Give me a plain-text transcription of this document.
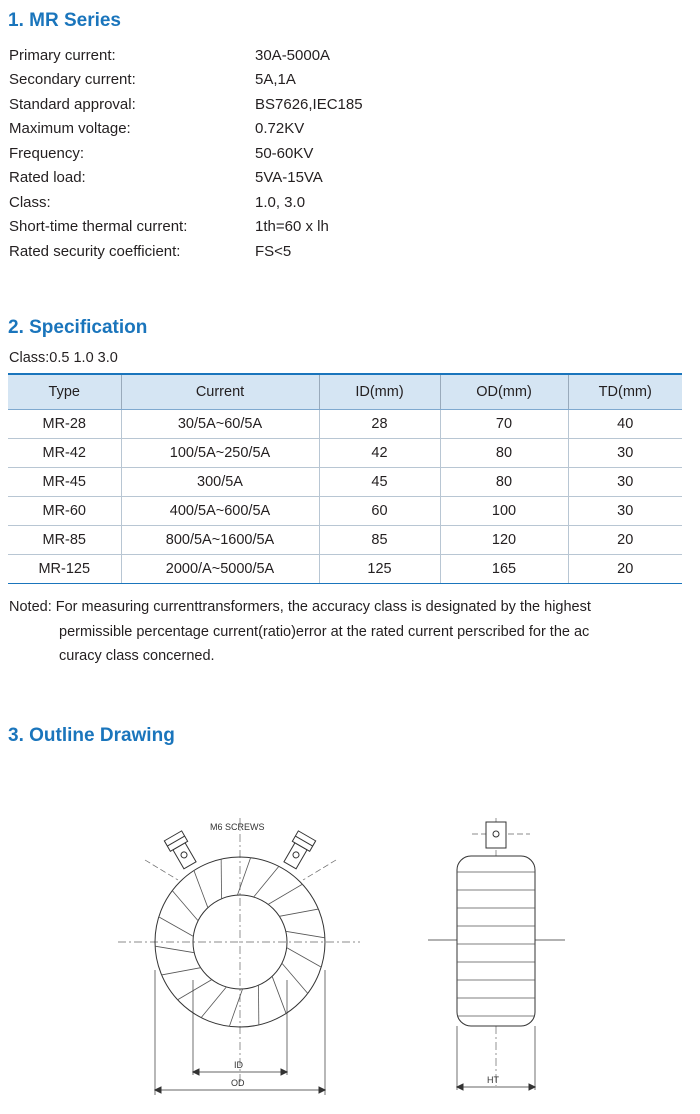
1. MR Series
Primary current:	30A-5000A
Secondary current:	5A,1A
Standard approval:	BS7626,IEC185
Maximum voltage:	0.72KV
Frequency:	50-60KV
Rated load:	5VA-15VA
Class:	1.0, 3.0
Short-time thermal current:	1th=60 x lh
Rated security coefficient:	FS<5
2. Specification
Class:0.5 1.0 3.0
Type	Current	ID(mm)	OD(mm)	TD(mm)
MR-28	30/5A~60/5A	28	70	40
MR-42	100/5A~250/5A	42	80	30
MR-45	300/5A	45	80	30
MR-60	400/5A~600/5A	60	100	30
MR-85	800/5A~1600/5A	85	120	20
MR-125	2000/A~5000/5A	125	165	20
Noted: For measuring currenttransformers, the accuracy class is designated by the highest
permissible percentage current(ratio)error at the rated current perscribed for the ac
curacy class concerned.
3. Outline Drawing
M6 SCREWS
ID
OD	HT
